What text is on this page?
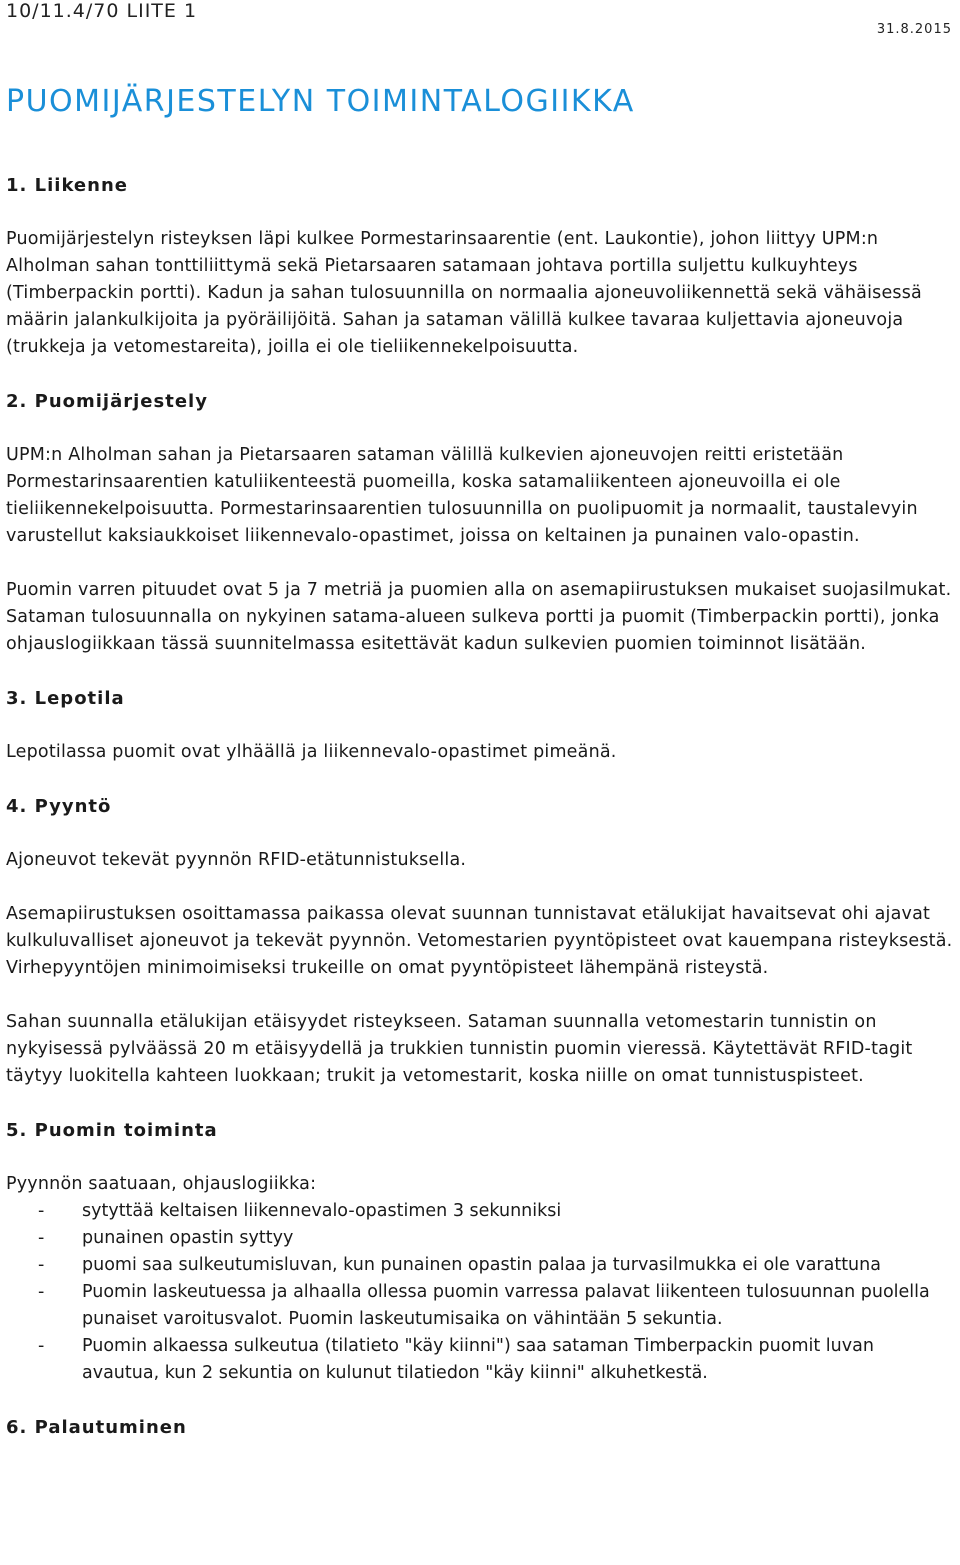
10/11.4/70 LIITE 1
31.8.2015
PUOMIJÄRJESTELYN TOIMINTALOGIIKKA
1. Liikenne

Puomijärjestelyn risteyksen läpi kulkee Pormestarinsaarentie (ent. Laukontie), johon liittyy UPM:n Alholman sahan tonttiliittymä sekä Pietarsaaren satamaan johtava portilla suljettu kulkuyhteys (Timberpackin portti). Kadun ja sahan tulosuunnilla on normaalia ajoneuvoliikennettä sekä vähäisessä määrin jalankulkijoita ja pyöräilijöitä. Sahan ja sataman välillä kulkee tavaraa kuljettavia ajoneuvoja (trukkeja ja vetomestareita), joilla ei ole tieliikennekelpoisuutta.

2. Puomijärjestely

UPM:n Alholman sahan ja Pietarsaaren sataman välillä kulkevien ajoneuvojen reitti eristetään Pormestarinsaarentien katuliikenteestä puomeilla, koska satamaliikenteen ajoneuvoilla ei ole tieliikennekelpoisuutta. Pormestarinsaarentien tulosuunnilla on puolipuomit ja normaalit, taustalevyin varustellut kaksiaukkoiset liikennevalo-opastimet, joissa on keltainen ja punainen valo-opastin.

Puomin varren pituudet ovat 5 ja 7 metriä ja puomien alla on asemapiirustuksen mukaiset suojasilmukat. Sataman tulosuunnalla on nykyinen satama-alueen sulkeva portti ja puomit (Timberpackin portti), jonka ohjauslogiikkaan tässä suunnitelmassa esitettävät kadun sulkevien puomien toiminnot lisätään.

3. Lepotila

Lepotilassa puomit ovat ylhäällä ja liikennevalo-opastimet pimeänä.

4. Pyyntö

Ajoneuvot tekevät pyynnön RFID-etätunnistuksella.

Asemapiirustuksen osoittamassa paikassa olevat suunnan tunnistavat etälukijat havaitsevat ohi ajavat kulkuluvalliset ajoneuvot ja tekevät pyynnön. Vetomestarien pyyntöpisteet ovat kauempana risteyksestä. Virhepyyntöjen minimoimiseksi trukeille on omat pyyntöpisteet lähempänä risteystä.

Sahan suunnalla etälukijan etäisyydet risteykseen. Sataman suunnalla vetomestarin tunnistin on nykyisessä pylväässä 20 m etäisyydellä ja trukkien tunnistin puomin vieressä. Käytettävät RFID-tagit täytyy luokitella kahteen luokkaan; trukit ja vetomestarit, koska niille on omat tunnistuspisteet.

5. Puomin toiminta

Pyynnön saatuaan, ohjauslogiikka:

- sytyttää keltaisen liikennevalo-opastimen 3 sekunniksi
- punainen opastin syttyy
- puomi saa sulkeutumisluvan, kun punainen opastin palaa ja turvasilmukka ei ole varattuna
- Puomin laskeutuessa ja alhaalla ollessa puomin varressa palavat liikenteen tulosuunnan puolella punaiset varoitusvalot. Puomin laskeutumisaika on vähintään 5 sekuntia.
- Puomin alkaessa sulkeutua (tilatieto "käy kiinni") saa sataman Timberpackin puomit luvan avautua, kun 2 sekuntia on kulunut tilatiedon "käy kiinni" alkuhetkestä.
6. Palautuminen
